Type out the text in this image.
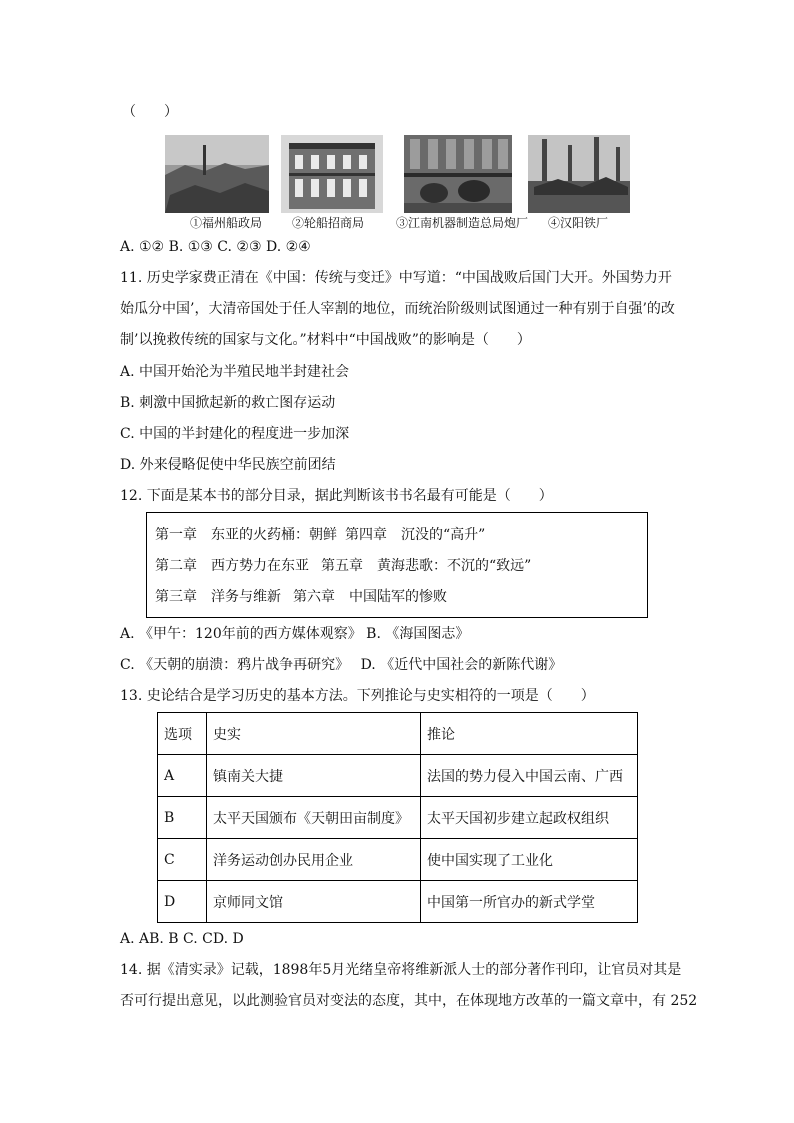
（　　）
①福州船政局 ②轮船招商局	③江南机器制造总局炮厂 ④汉阳铁厂
A. ①② B. ①③ C. ②③ D. ②④
11. 历史学家费正清在《中国：传统与变迁》中写道：“中国战败后国门大开。外国势力开
始瓜分中国’，大清帝国处于任人宰割的地位，而统治阶级则试图通过一种有别于自强’的改
制’以挽救传统的国家与文化。”材料中“中国战败”的影响是（　　）
A. 中国开始沦为半殖民地半封建社会
B. 刺激中国掀起新的救亡图存运动
C. 中国的半封建化的程度进一步加深
D. 外来侵略促使中华民族空前团结
12. 下面是某本书的部分目录，据此判断该书书名最有可能是（　　）
第一章　东亚的火药桶：朝鲜 第四章　沉没的“高升”
第二章　西方势力在东亚 第五章　黄海悲歌：不沉的“致远”
第三章　洋务与维新 第六章　中国陆军的惨败
A. 《甲午：120年前的西方媒体观察》 B. 《海国图志》
C. 《天朝的崩溃：鸦片战争再研究》　 D. 《近代中国社会的新陈代谢》
13. 史论结合是学习历史的基本方法。下列推论与史实相符的一项是（　　）
选项	史实	推论
A	镇南关大捷	法国的势力侵入中国云南、广西
B	太平天国颁布《天朝田亩制度》	太平天国初步建立起政权组织
C	洋务运动创办民用企业	使中国实现了工业化
D	京师同文馆	中国第一所官办的新式学堂
A. AB. B C. CD. D
14. 据《清实录》记载，1898年5月光绪皇帝将维新派人士的部分著作刊印，让官员对其是
否可行提出意见，以此测验官员对变法的态度，其中，在体现地方改革的一篇文章中，有 252
